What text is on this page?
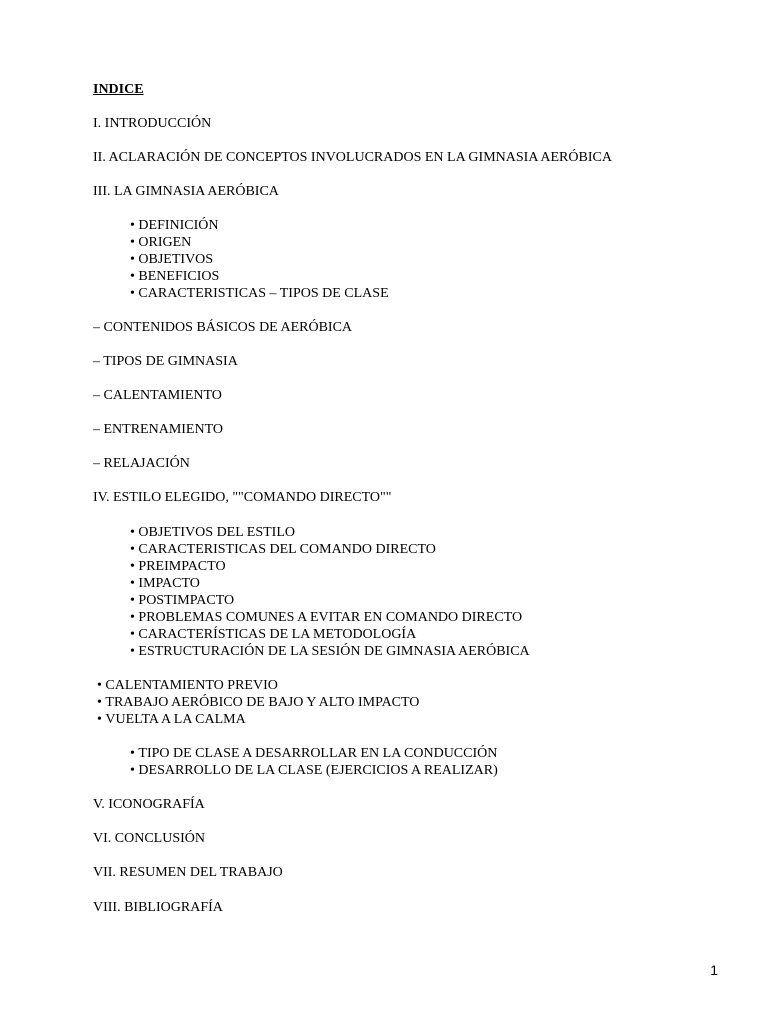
INDICE
I. INTRODUCCIÓN
II. ACLARACIÓN DE CONCEPTOS INVOLUCRADOS EN LA GIMNASIA AERÓBICA
III. LA GIMNASIA AERÓBICA
• DEFINICIÓN
• ORIGEN
• OBJETIVOS
• BENEFICIOS
• CARACTERISTICAS – TIPOS DE CLASE
– CONTENIDOS BÁSICOS DE AERÓBICA
– TIPOS DE GIMNASIA
– CALENTAMIENTO
– ENTRENAMIENTO
– RELAJACIÓN
IV. ESTILO ELEGIDO, ""COMANDO DIRECTO""
• OBJETIVOS DEL ESTILO
• CARACTERISTICAS DEL COMANDO DIRECTO
• PREIMPACTO
• IMPACTO
• POSTIMPACTO
• PROBLEMAS COMUNES A EVITAR EN COMANDO DIRECTO
• CARACTERÍSTICAS DE LA METODOLOGÍA
• ESTRUCTURACIÓN DE LA SESIÓN DE GIMNASIA AERÓBICA
• CALENTAMIENTO PREVIO
• TRABAJO AERÓBICO DE BAJO Y ALTO IMPACTO
• VUELTA A LA CALMA
• TIPO DE CLASE A DESARROLLAR EN LA CONDUCCIÓN
• DESARROLLO DE LA CLASE (EJERCICIOS A REALIZAR)
V. ICONOGRAFÍA
VI. CONCLUSIÓN
VII. RESUMEN DEL TRABAJO
VIII. BIBLIOGRAFÍA
1
